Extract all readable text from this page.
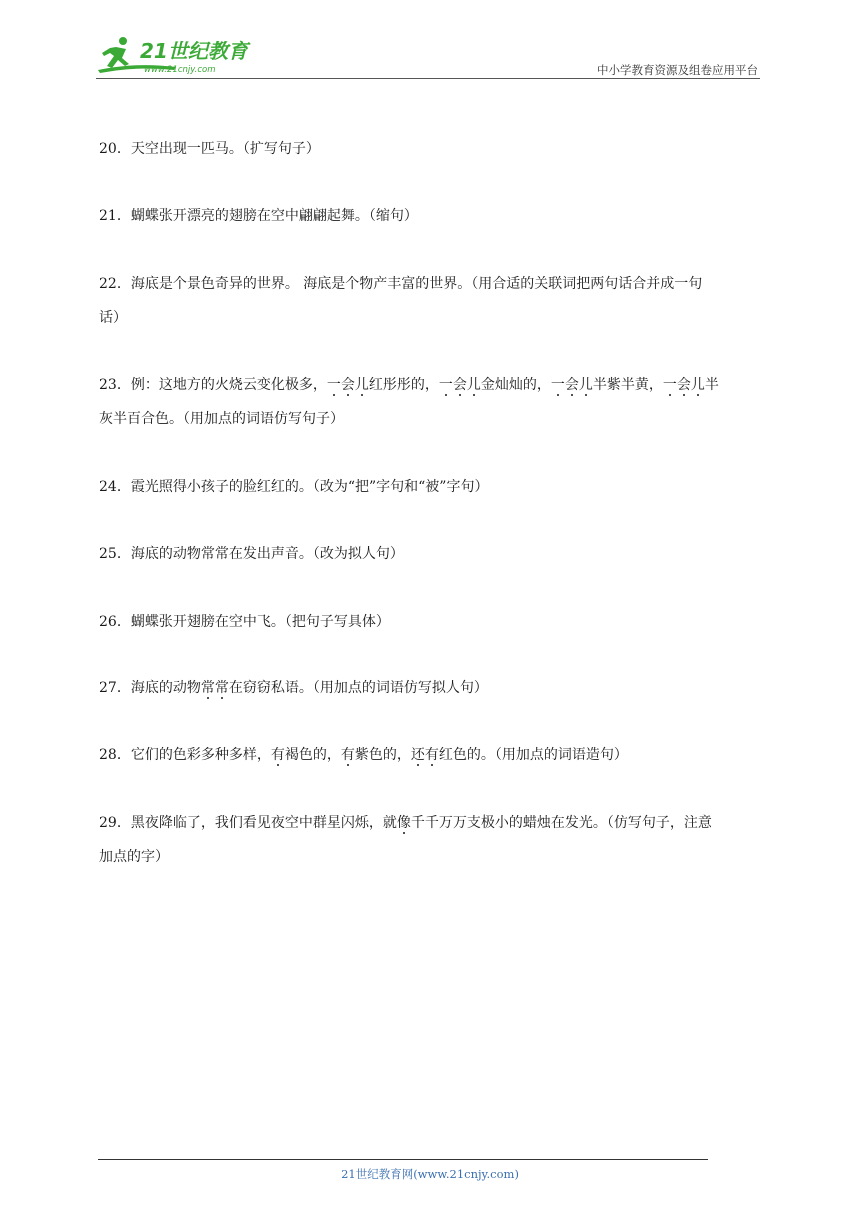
21世纪教育
www.21cnjy.com	中小学教育资源及组卷应用平台
20．天空出现一匹马。（扩写句子）
21．蝴蝶张开漂亮的翅膀在空中翩翩起舞。（缩句）
22．海底是个景色奇异的世界。 海底是个物产丰富的世界。（用合适的关联词把两句话合并成一句
话）
23．例：这地方的火烧云变化极多，一会儿红彤彤的，一会儿金灿灿的，一会儿半紫半黄，一会儿半
灰半百合色。（用加点的词语仿写句子）
24．霞光照得小孩子的脸红红的。（改为“把”字句和“被”字句）
25．海底的动物常常在发出声音。（改为拟人句）
26．蝴蝶张开翅膀在空中飞。（把句子写具体）
27．海底的动物常常在窃窃私语。（用加点的词语仿写拟人句）
28．它们的色彩多种多样，有褐色的，有紫色的，还有红色的。（用加点的词语造句）
29．黑夜降临了，我们看见夜空中群星闪烁，就像千千万万支极小的蜡烛在发光。（仿写句子，注意
加点的字）
21世纪教育网(www.21cnjy.com)
